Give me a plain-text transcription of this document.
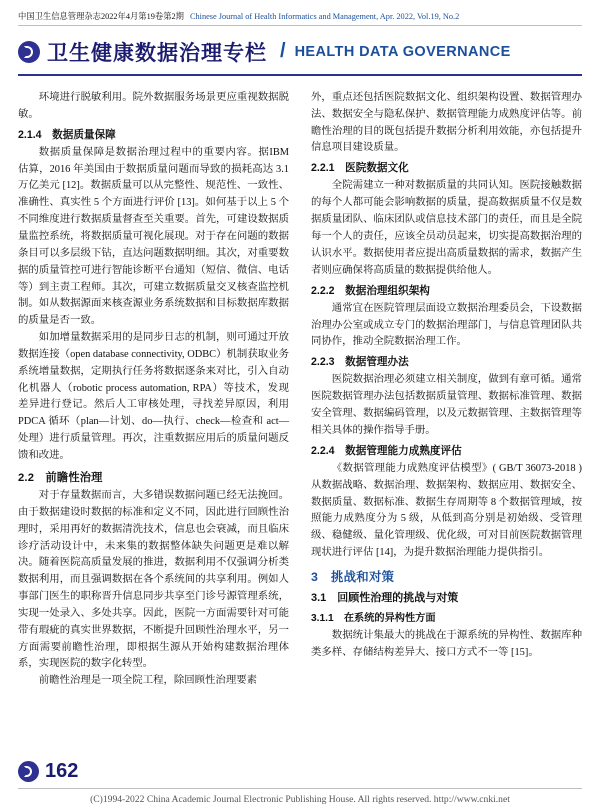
中国卫生信息管理杂志2022年4月第19卷第2期 Chinese Journal of Health Informatics and Management, Apr. 2022, Vol.19, No.2
卫生健康数据治理专栏 / HEALTH DATA GOVERNANCE

环境进行脱敏利用。院外数据服务场景更应重视数据脱敏。

2.1.4　数据质量保障

数据质量保障是数据治理过程中的重要内容。据IBM 估算，2016 年美国由于数据质量问题而导致的损耗高达 3.1 万亿美元 [12]。数据质量可以从完整性、规范性、一致性、准确性、真实性 5 个方面进行评价 [13]。如何基于以上 5 个不同维度进行数据质量督查至关重要。首先，可建设数据质量监控系统，将数据质量可视化展现。对于存在问题的数据条目可以多层级下钻，直达问题数据明细。其次，对重要数据的质量管控可进行智能诊断平台通知（短信、微信、电话等）到主责工程师。其次，可建立数据质量交叉核查监控机制。如从数据源面来核查源业务系统数据和目标数据库数据的质量是否一致。

如加增量数据采用的是同步日志的机制，则可通过开放数据连接（open database connectivity, ODBC）机制获取业务系统增量数据，定期执行任务将数据逐条来对比，引入自动化机器人（robotic process automation, RPA）等技术，发现差异进行登记。然后人工审核处理，寻找差异原因，利用 PDCA 循环（plan—计划、do—执行、check—检查和 act—处理）进行质量管理。再次，注重数据应用后的质量问题反馈和改进。

2.2　前瞻性治理

对于存量数据而言，大多错误数据问题已经无法挽回。由于数据建设时数据的标准和定义不同，因此进行回顾性治理时，采用再好的数据清洗技术，信息也会衰减，而且临床诊疗活动设计中，未来集的数据整体缺失问题更是难以解决。随着医院高质量发展的推进，数据利用不仅强调分析类数据利用，而且强调数据在各个系统间的共享利用。例如人事部门医生的职称晋升信息同步共享至门诊号源管理系统，实现一处录入、多处共享。因此，医院一方面需要针对可能带有瑕疵的真实世界数据，不断提升回顾性治理水平，另一方面需要前瞻性治理，即根据生源从开始构建数据治理体系，实现医院的数字化转型。

前瞻性治理是一项全院工程，除回顾性治理要素

外，重点还包括医院数据文化、组织架构设置、数据管理办法、数据安全与隐私保护、数据管理能力成熟度评估等。前瞻性治理的目的既包括提升数据分析利用效能，亦包括提升信息项目建设质量。

2.2.1　医院数据文化

全院需建立一种对数据质量的共同认知。医院接触数据的每个人都可能会影响数据的质量，提高数据质量不仅是数据质量团队、临床团队或信息技术部门的责任，而且是全院每一个人的责任，应该全员动员起来，切实提高数据治理的认识水平。数据使用者应提出高质量数据的需求，数据产生者则应确保将高质量的数据提供给他人。

2.2.2　数据治理组织架构

通常宜在医院管理层面设立数据治理委员会，下设数据治理办公室或成立专门的数据治理部门，与信息管理团队共同协作，推动全院数据治理工作。

2.2.3　数据管理办法

医院数据治理必须建立相关制度，做到有章可循。通常医院数据管理办法包括数据质量管理、数据标准管理、数据安全管理、数据编码管理，以及元数据管理、主数据管理等相关具体的操作指导手册。

2.2.4　数据管理能力成熟度评估

《数据管理能力成熟度评估模型》( GB/T 36073-2018 ) 从数据战略、数据治理、数据架构、数据应用、数据安全、数据质量、数据标准、数据生存周期等 8 个数据管理域，按照能力成熟度分为 5 级，从低到高分别是初始级、受管理级、稳健级、量化管理级、优化级，可对目前医院数据管理现状进行评估 [14]，为提升数据治理能力提供指引。

3　挑战和对策

3.1　回顾性治理的挑战与对策

3.1.1　在系统的异构性方面

数据统计集最大的挑战在于源系统的异构性、数据库种类多样、存储结构差异大、接口方式不一等 [15]。

162
(C)1994-2022 China Academic Journal Electronic Publishing House. All rights reserved. http://www.cnki.net
